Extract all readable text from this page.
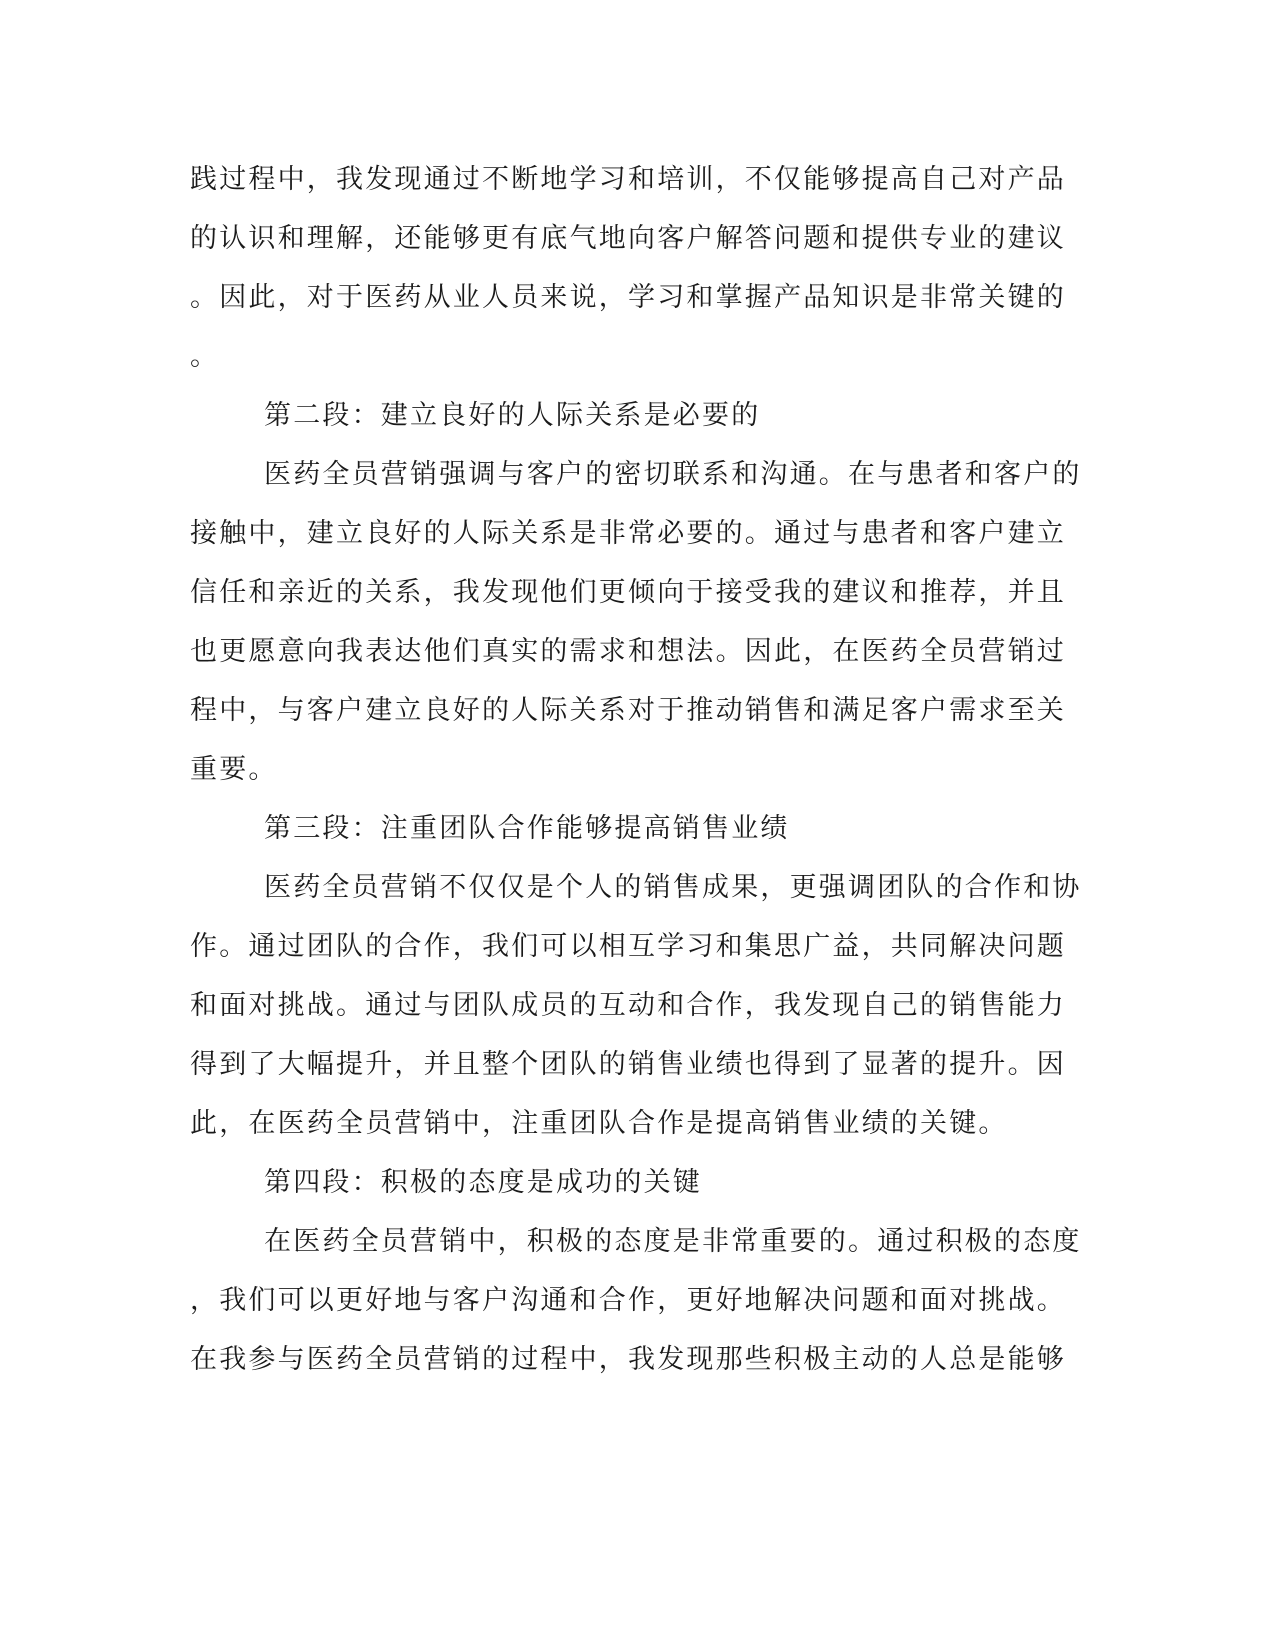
践过程中，我发现通过不断地学习和培训，不仅能够提高自己对产品
的认识和理解，还能够更有底气地向客户解答问题和提供专业的建议
。因此，对于医药从业人员来说，学习和掌握产品知识是非常关键的
。
第二段：建立良好的人际关系是必要的
医药全员营销强调与客户的密切联系和沟通。在与患者和客户的
接触中，建立良好的人际关系是非常必要的。通过与患者和客户建立
信任和亲近的关系，我发现他们更倾向于接受我的建议和推荐，并且
也更愿意向我表达他们真实的需求和想法。因此，在医药全员营销过
程中，与客户建立良好的人际关系对于推动销售和满足客户需求至关
重要。
第三段：注重团队合作能够提高销售业绩
医药全员营销不仅仅是个人的销售成果，更强调团队的合作和协
作。通过团队的合作，我们可以相互学习和集思广益，共同解决问题
和面对挑战。通过与团队成员的互动和合作，我发现自己的销售能力
得到了大幅提升，并且整个团队的销售业绩也得到了显著的提升。因
此，在医药全员营销中，注重团队合作是提高销售业绩的关键。
第四段：积极的态度是成功的关键
在医药全员营销中，积极的态度是非常重要的。通过积极的态度
，我们可以更好地与客户沟通和合作，更好地解决问题和面对挑战。
在我参与医药全员营销的过程中，我发现那些积极主动的人总是能够
